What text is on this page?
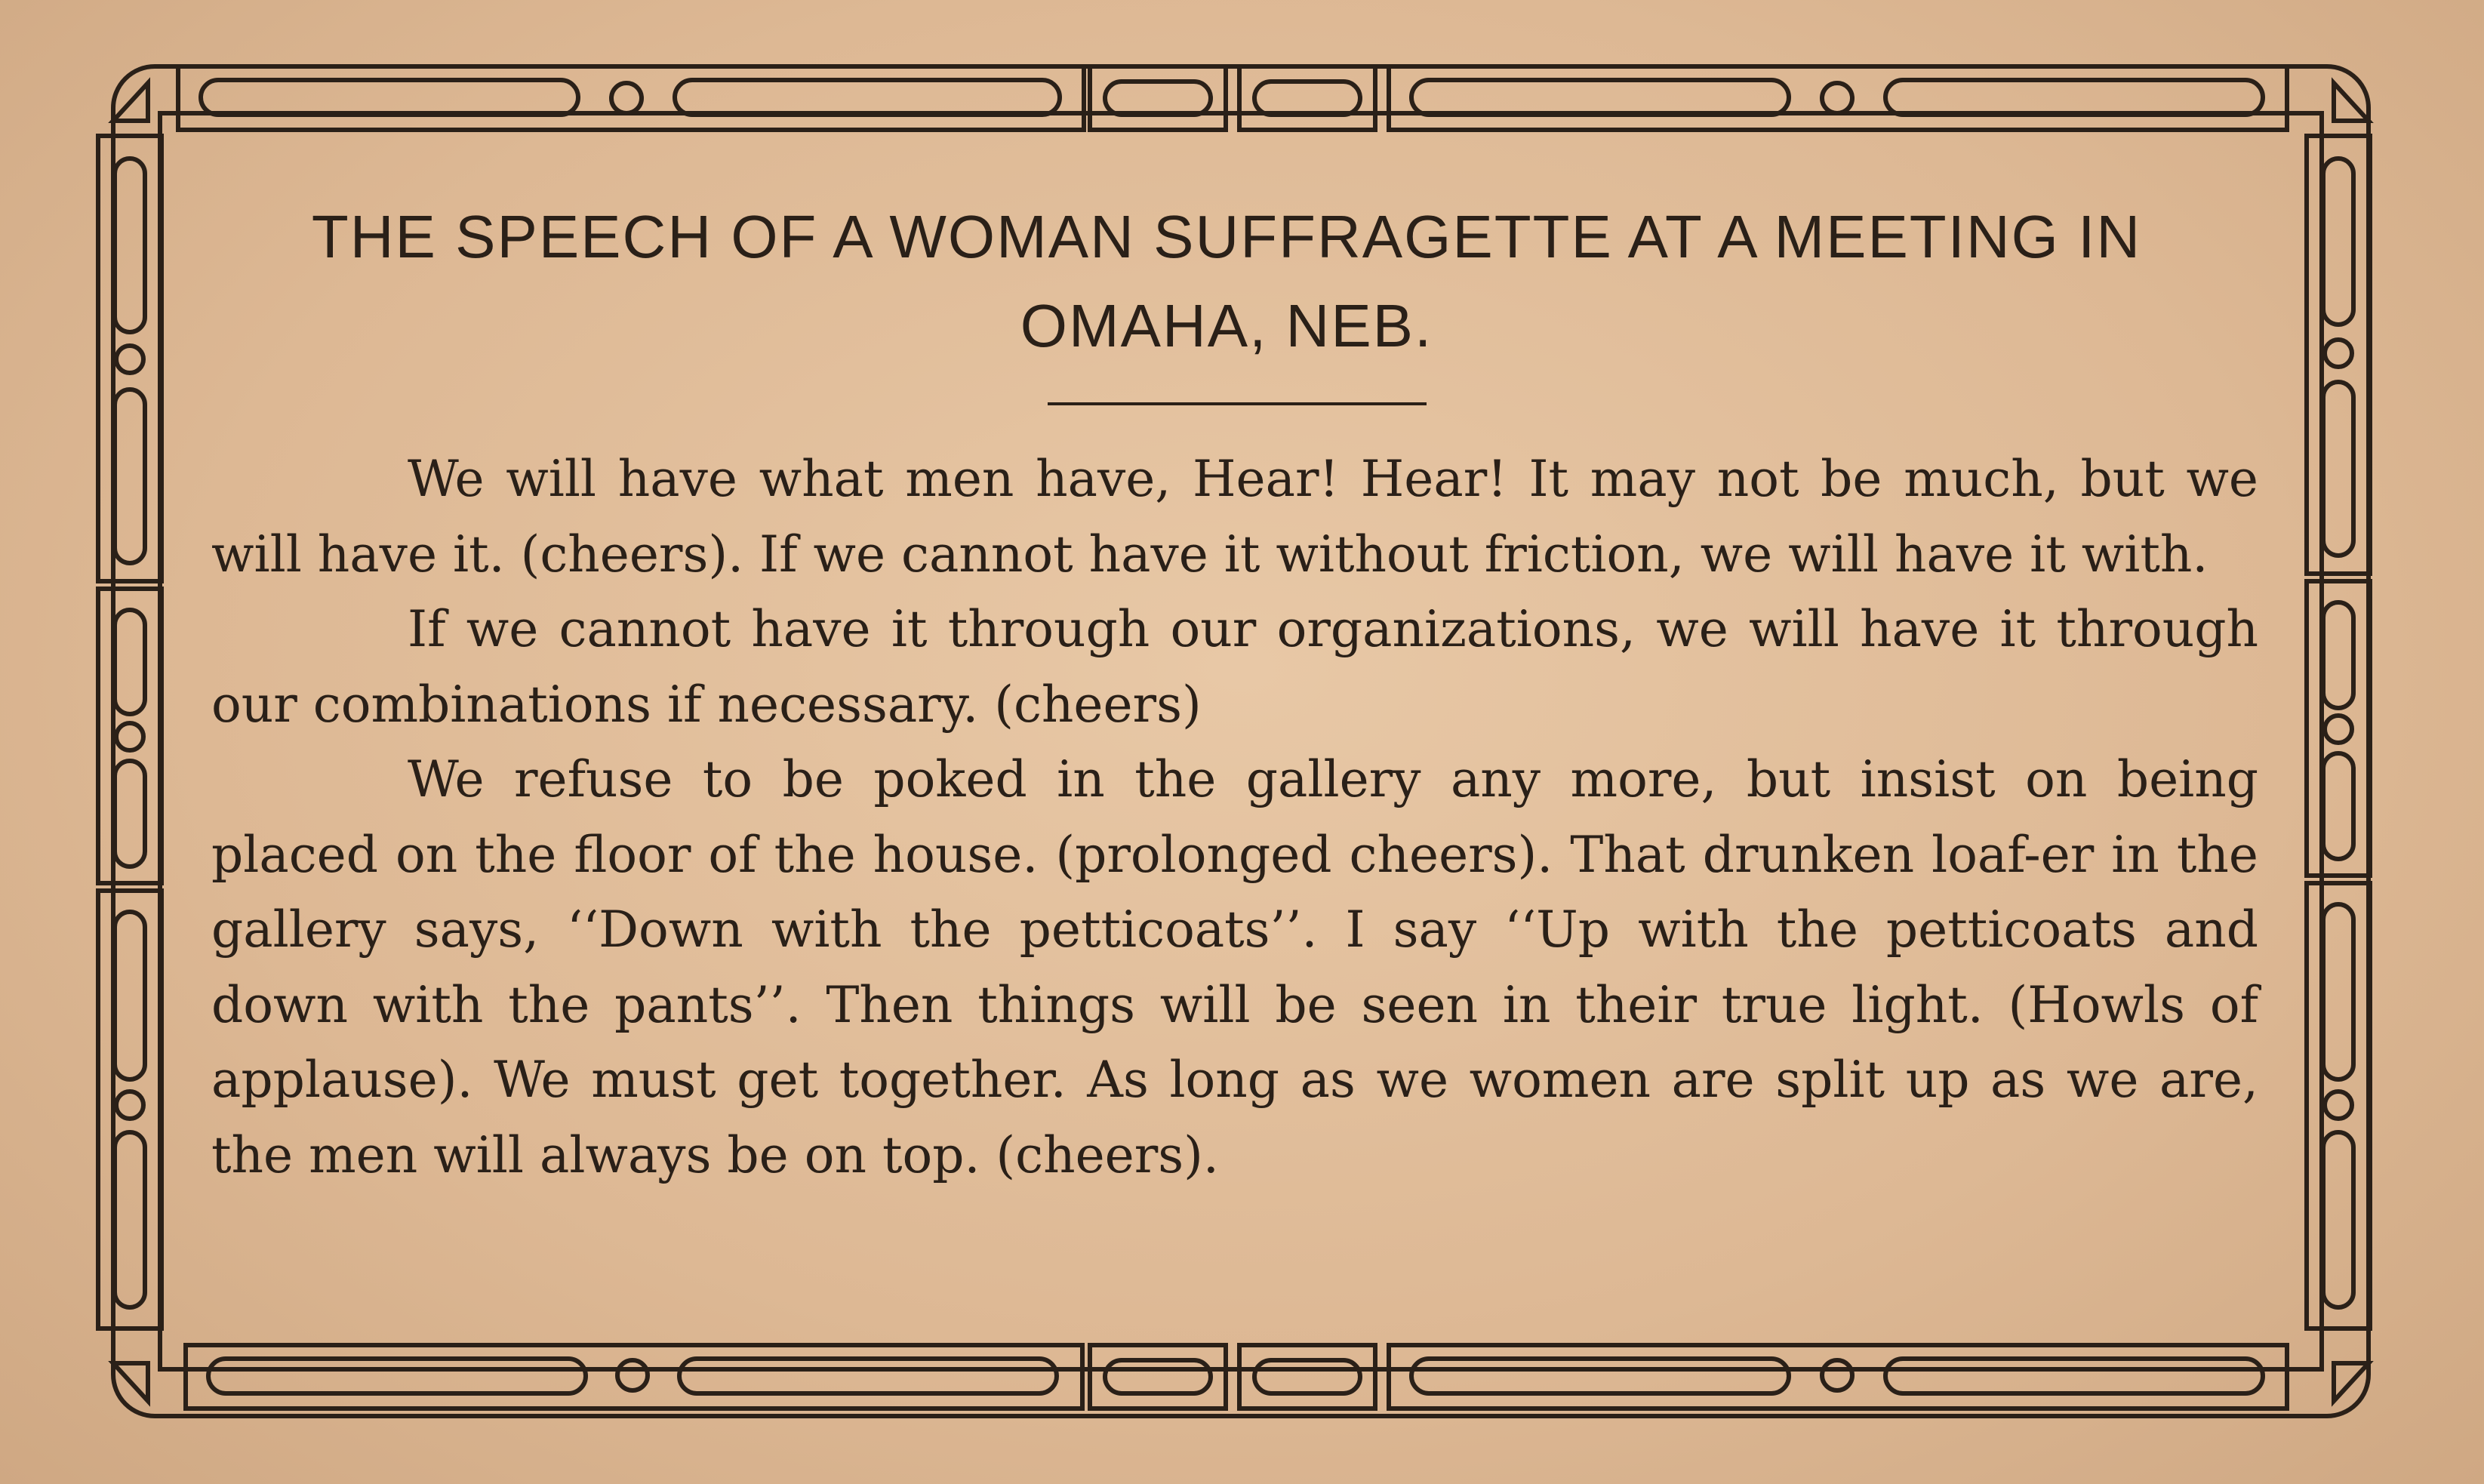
THE SPEECH OF A WOMAN SUFFRAGETTE AT A MEETING IN OMAHA, NEB.

We will have what men have, Hear! Hear! It may not be much, but we will have it. (cheers). If we cannot have it without friction, we will have it with.

If we cannot have it through our organizations, we will have it through our combinations if necessary. (cheers)

We refuse to be poked in the gallery any more, but insist on being placed on the floor of the house. (prolonged cheers). That drunken loaf-er in the gallery says, ‘‘Down with the petticoats’’. I say ‘‘Up with the petticoats and down with the pants’’. Then things will be seen in their true light. (Howls of applause). We must get together. As long as we women are split up as we are, the men will always be on top. (cheers).
